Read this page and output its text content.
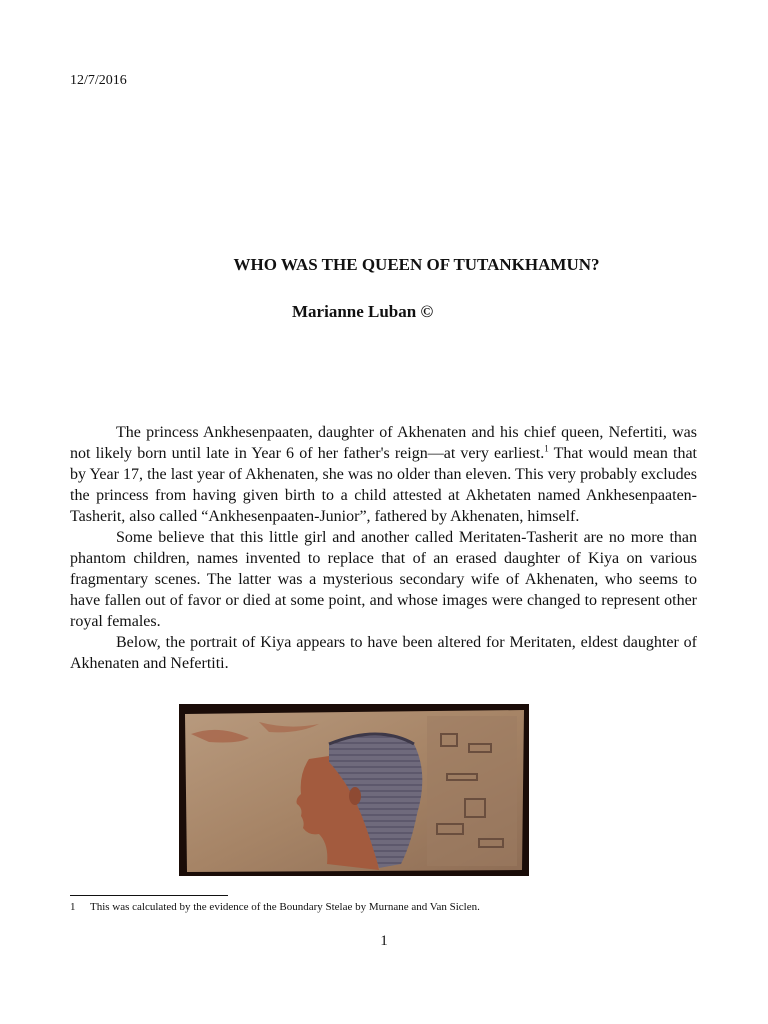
12/7/2016
WHO WAS THE QUEEN OF TUTANKHAMUN?
Marianne Luban ©

The princess Ankhesenpaaten, daughter of Akhenaten and his chief queen, Nefertiti, was not likely born until late in Year 6 of her father's reign—at very earliest.$^1$ That would mean that by Year 17, the last year of Akhenaten, she was no older than eleven. This very probably excludes the princess from having given birth to a child attested at Akhetaten named Ankhesenpaaten-Tasherit, also called “Ankhesenpaaten-Junior”, fathered by Akhenaten, himself.

Some believe that this little girl and another called Meritaten-Tasherit are no more than phantom children, names invented to replace that of an erased daughter of Kiya on various fragmentary scenes. The latter was a mysterious secondary wife of Akhenaten, who seems to have fallen out of favor or died at some point, and whose images were changed to represent other royal females.

Below, the portrait of Kiya appears to have been altered for Meritaten, eldest daughter of Akhenaten and Nefertiti.

1 This was calculated by the evidence of the Boundary Stelae by Murnane and Van Siclen.
1
